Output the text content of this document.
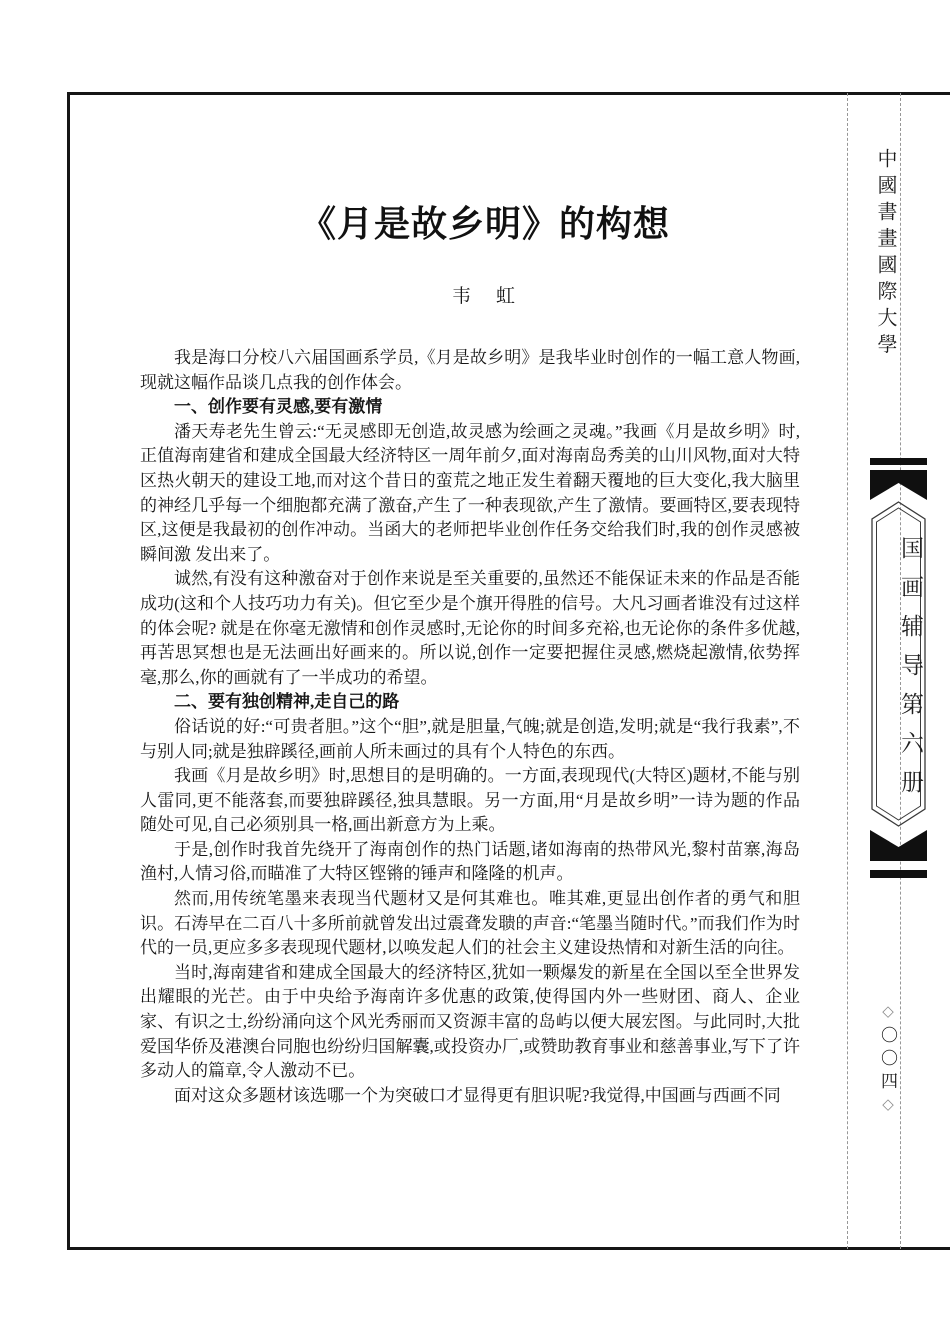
《月是故乡明》的构想
韦　虹

我是海口分校八六届国画系学员,《月是故乡明》是我毕业时创作的一幅工意人物画,现就这幅作品谈几点我的创作体会。

一、创作要有灵感,要有激情

潘天寿老先生曾云:“无灵感即无创造,故灵感为绘画之灵魂。”我画《月是故乡明》时,正值海南建省和建成全国最大经济特区一周年前夕,面对海南岛秀美的山川风物,面对大特区热火朝天的建设工地,而对这个昔日的蛮荒之地正发生着翻天覆地的巨大变化,我大脑里的神经几乎每一个细胞都充满了激奋,产生了一种表现欲,产生了激情。要画特区,要表现特区,这便是我最初的创作冲动。当函大的老师把毕业创作任务交给我们时,我的创作灵感被瞬间激 发出来了。

诚然,有没有这种激奋对于创作来说是至关重要的,虽然还不能保证未来的作品是否能成功(这和个人技巧功力有关)。但它至少是个旗开得胜的信号。大凡习画者谁没有过这样的体会呢? 就是在你毫无激情和创作灵感时,无论你的时间多充裕,也无论你的条件多优越,再苦思冥想也是无法画出好画来的。所以说,创作一定要把握住灵感,燃烧起激情,依势挥毫,那么,你的画就有了一半成功的希望。

二、要有独创精神,走自己的路

俗话说的好:“可贵者胆。”这个“胆”,就是胆量,气魄;就是创造,发明;就是“我行我素”,不与别人同;就是独辟蹊径,画前人所未画过的具有个人特色的东西。

我画《月是故乡明》时,思想目的是明确的。一方面,表现现代(大特区)题材,不能与别人雷同,更不能落套,而要独辟蹊径,独具慧眼。另一方面,用“月是故乡明”一诗为题的作品随处可见,自己必须别具一格,画出新意方为上乘。

于是,创作时我首先绕开了海南创作的热门话题,诸如海南的热带风光,黎村苗寨,海岛渔村,人情习俗,而瞄准了大特区铿锵的锤声和隆隆的机声。

然而,用传统笔墨来表现当代题材又是何其难也。唯其难,更显出创作者的勇气和胆识。石涛早在二百八十多所前就曾发出过震聋发聩的声音:“笔墨当随时代。”而我们作为时代的一员,更应多多表现现代题材,以唤发起人们的社会主义建设热情和对新生活的向往。

当时,海南建省和建成全国最大的经济特区,犹如一颗爆发的新星在全国以至全世界发出耀眼的光芒。由于中央给予海南许多优惠的政策,使得国内外一些财团、商人、企业家、有识之士,纷纷涌向这个风光秀丽而又资源丰富的岛屿以便大展宏图。与此同时,大批爱国华侨及港澳台同胞也纷纷归国解囊,或投资办厂,或赞助教育事业和慈善事业,写下了许多动人的篇章,令人激动不已。

面对这众多题材该选哪一个为突破口才显得更有胆识呢?我觉得,中国画与西画不同

中國書畫國際大學
国画辅导第六册
◇〇〇四◇
